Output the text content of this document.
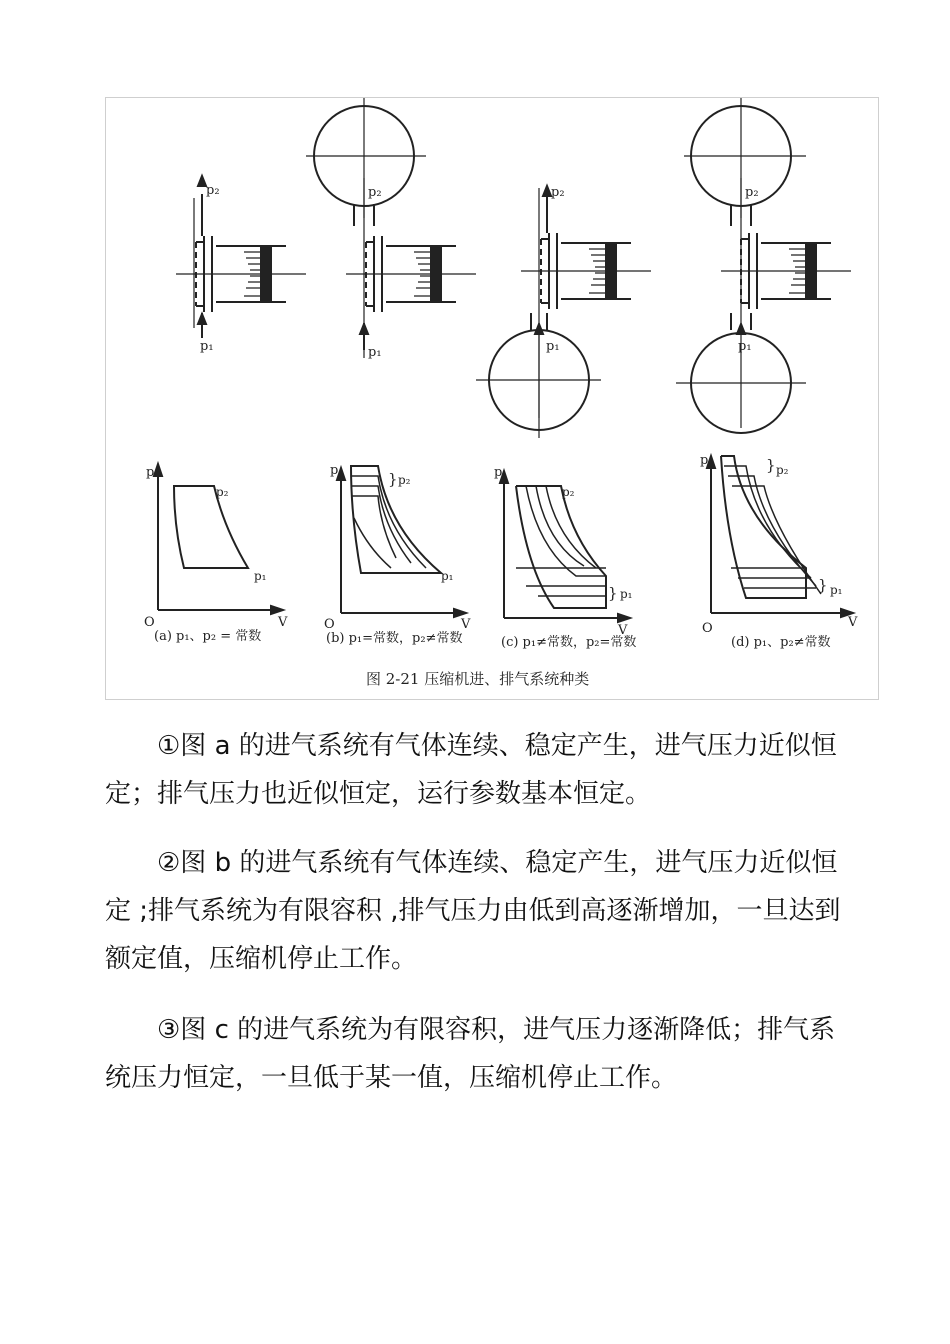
p₂
p₁
p₂
p₁
p₂
p₁
p₂
p₁
p
V
O
p₂
p₁
(a) p₁、p₂ = 常数
p
V
O
} p₂
p₁
(b) p₁=常数，p₂≠常数
p
V
p₂
} p₁
(c) p₁≠常数，p₂=常数
p
V
O
} p₂
} p₁
(d) p₁、p₂≠常数
图 2-21 压缩机进、排气系统种类

①图 a 的进气系统有气体连续、稳定产生，进气压力近似恒定；排气压力也近似恒定，运行参数基本恒定。

②图 b 的进气系统有气体连续、稳定产生，进气压力近似恒定 ;排气系统为有限容积 ,排气压力由低到高逐渐增加，一旦达到额定值，压缩机停止工作。

③图 c 的进气系统为有限容积，进气压力逐渐降低；排气系统压力恒定，一旦低于某一值，压缩机停止工作。
